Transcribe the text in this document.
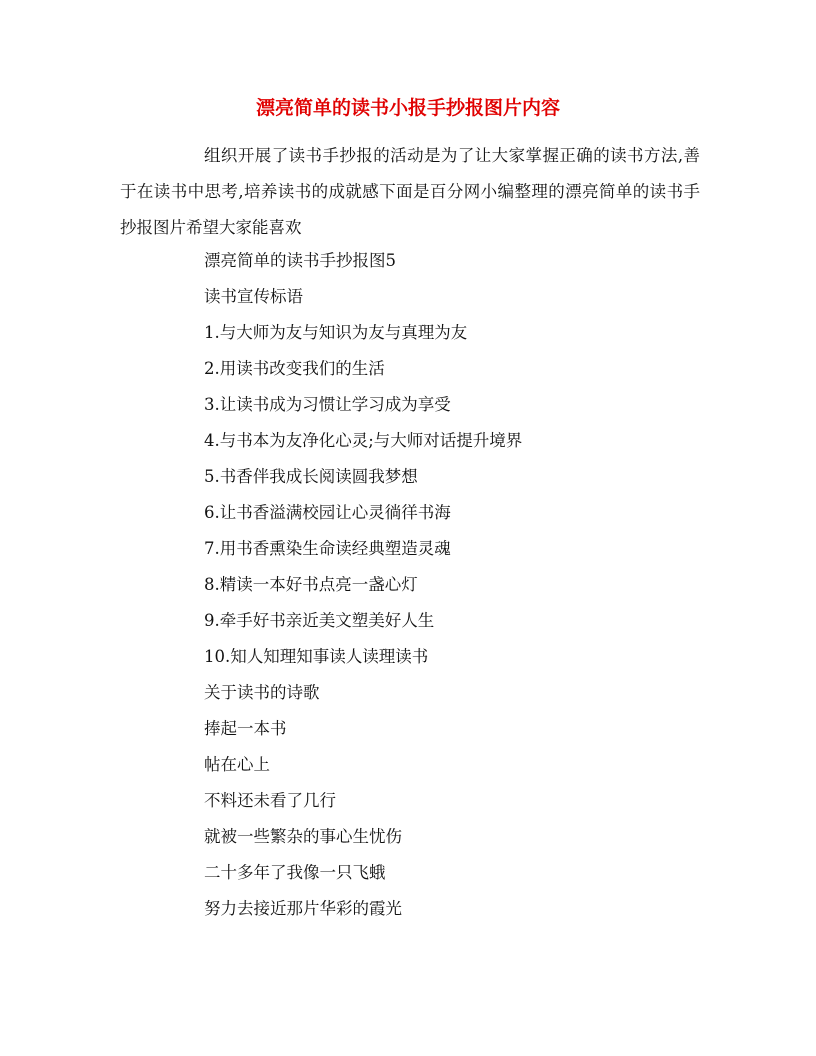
漂亮简单的读书小报手抄报图片内容
组织开展了读书手抄报的活动是为了让大家掌握正确的读书方法,善于在读书中思考,培养读书的成就感下面是百分网小编整理的漂亮简单的读书手抄报图片希望大家能喜欢
漂亮简单的读书手抄报图5
读书宣传标语
1.与大师为友与知识为友与真理为友
2.用读书改变我们的生活
3.让读书成为习惯让学习成为享受
4.与书本为友净化心灵;与大师对话提升境界
5.书香伴我成长阅读圆我梦想
6.让书香溢满校园让心灵徜徉书海
7.用书香熏染生命读经典塑造灵魂
8.精读一本好书点亮一盏心灯
9.牵手好书亲近美文塑美好人生
10.知人知理知事读人读理读书
关于读书的诗歌
捧起一本书
帖在心上
不料还未看了几行
就被一些繁杂的事心生忧伤
二十多年了我像一只飞蛾
努力去接近那片华彩的霞光
